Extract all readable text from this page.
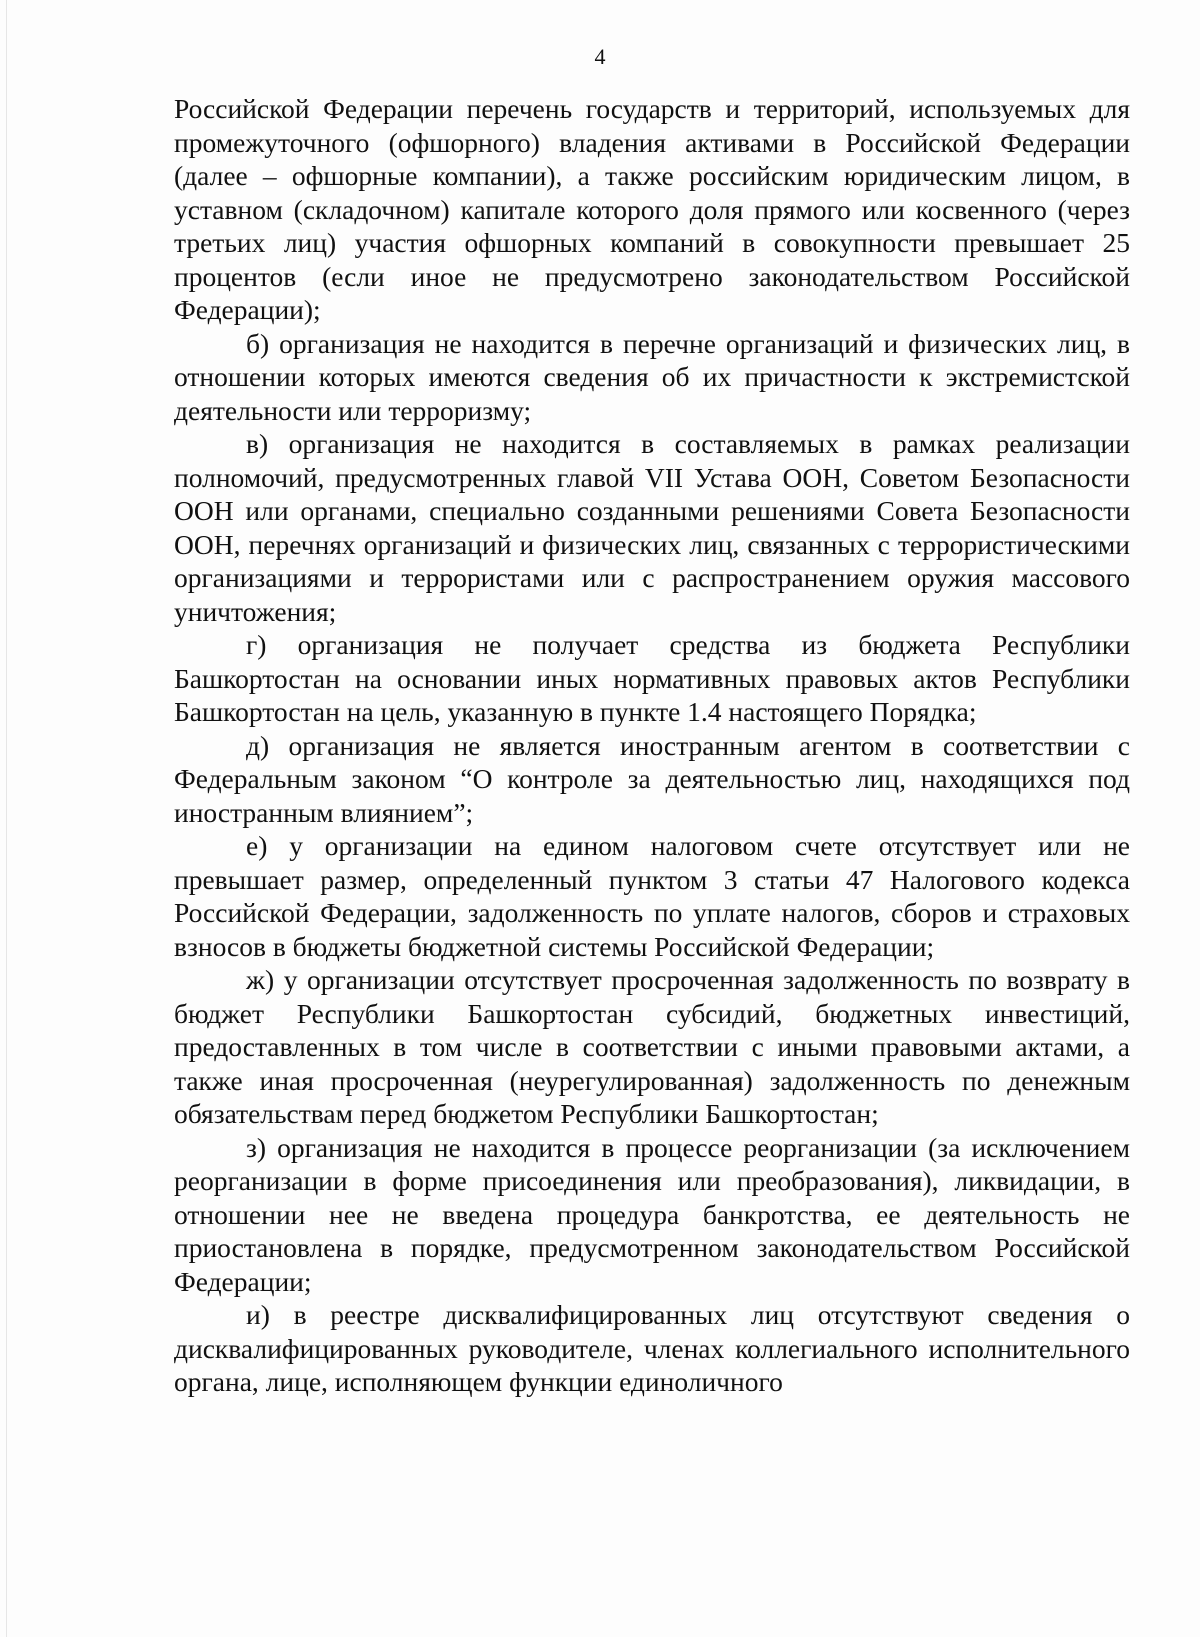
4

Российской Федерации перечень государств и территорий, используемых для промежуточного (офшорного) владения активами в Российской Федерации (далее – офшорные компании), а также российским юридическим лицом, в уставном (складочном) капитале которого доля прямого или косвенного (через третьих лиц) участия офшорных компаний в совокупности превышает 25 процентов (если иное не предусмотрено законодательством Российской Федерации);

б) организация не находится в перечне организаций и физических лиц, в отношении которых имеются сведения об их причастности к экстремистской деятельности или терроризму;

в) организация не находится в составляемых в рамках реализации полномочий, предусмотренных главой VII Устава ООН, Советом Безопасности ООН или органами, специально созданными решениями Совета Безопасности ООН, перечнях организаций и физических лиц, связанных с террористическими организациями и террористами или с распространением оружия массового уничтожения;

г) организация не получает средства из бюджета Республики Башкортостан на основании иных нормативных правовых актов Республики Башкортостан на цель, указанную в пункте 1.4 настоящего Порядка;

д) организация не является иностранным агентом в соответствии с Федеральным законом “О контроле за деятельностью лиц, находящихся под иностранным влиянием”;

е) у организации на едином налоговом счете отсутствует или не превышает размер, определенный пунктом 3 статьи 47 Налогового кодекса Российской Федерации, задолженность по уплате налогов, сборов и страховых взносов в бюджеты бюджетной системы Российской Федерации;

ж) у организации отсутствует просроченная задолженность по возврату в бюджет Республики Башкортостан субсидий, бюджетных инвестиций, предоставленных в том числе в соответствии с иными правовыми актами, а также иная просроченная (неурегулированная) задолженность по денежным обязательствам перед бюджетом Республики Башкортостан;

з) организация не находится в процессе реорганизации (за исключением реорганизации в форме присоединения или преобразования), ликвидации, в отношении нее не введена процедура банкротства, ее деятельность не приостановлена в порядке, предусмотренном законодательством Российской Федерации;

и) в реестре дисквалифицированных лиц отсутствуют сведения о дисквалифицированных руководителе, членах коллегиального исполнительного органа, лице, исполняющем функции единоличного
